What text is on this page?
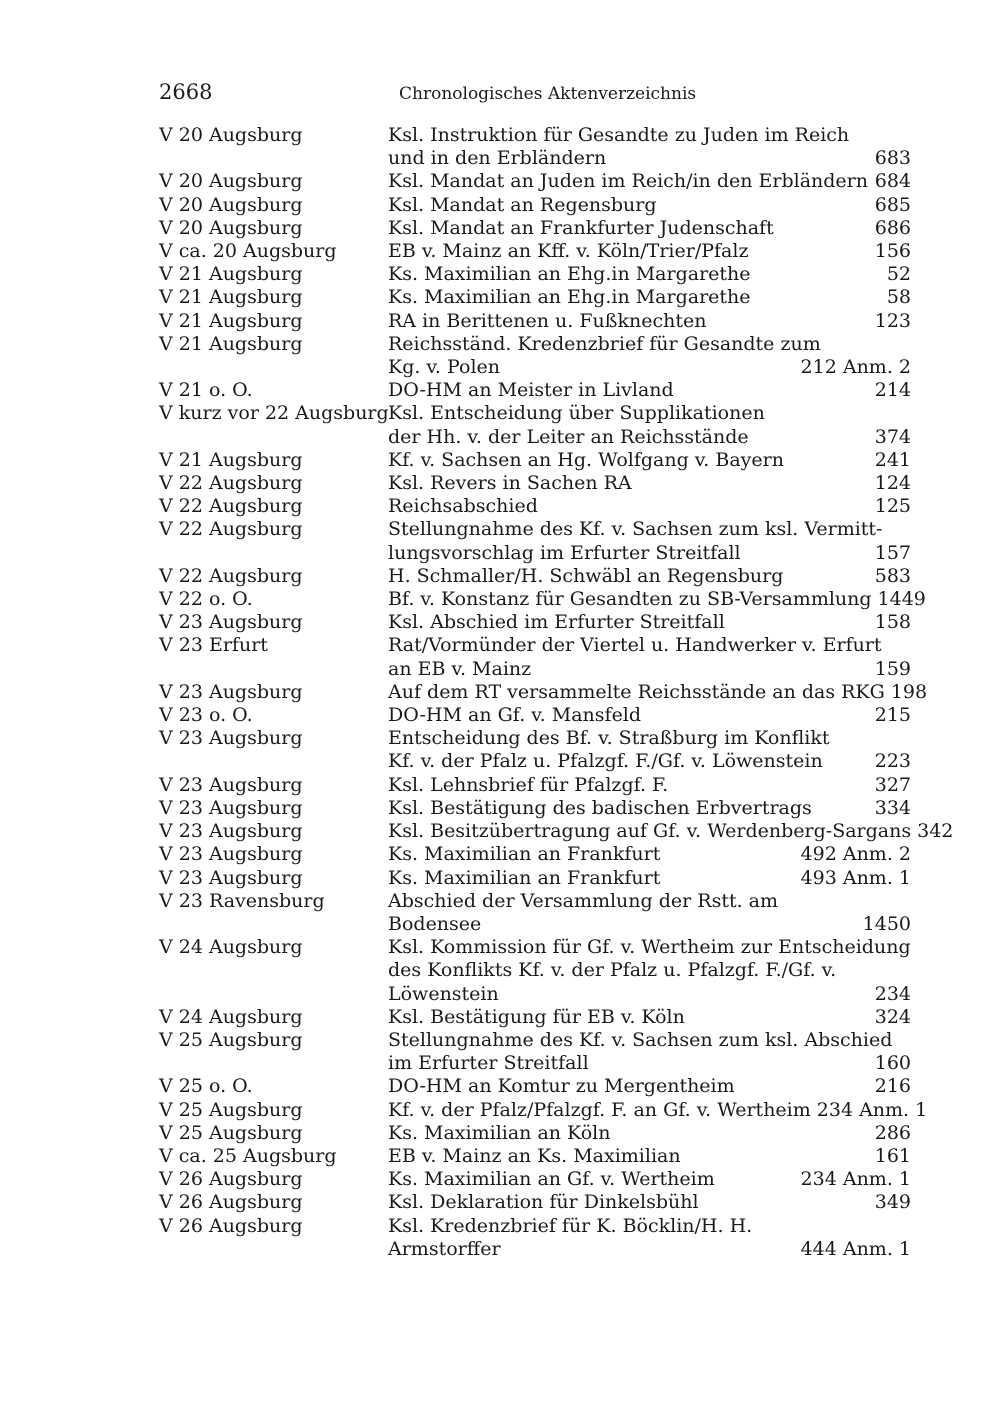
2668	Chronologisches Aktenverzeichnis
V 20 Augsburg	Ksl. Instruktion für Gesandte zu Juden im Reich
und in den Erbländern	683
V 20 Augsburg	Ksl. Mandat an Juden im Reich/in den Erbländern 684
V 20 Augsburg	Ksl. Mandat an Regensburg	685
V 20 Augsburg	Ksl. Mandat an Frankfurter Judenschaft	686
V ca. 20 Augsburg	EB v. Mainz an Kff. v. Köln/Trier/Pfalz	156
V 21 Augsburg	Ks. Maximilian an Ehg.in Margarethe	52
V 21 Augsburg	Ks. Maximilian an Ehg.in Margarethe	58
V 21 Augsburg	RA in Berittenen u. Fußknechten	123
V 21 Augsburg	Reichsständ. Kredenzbrief für Gesandte zum
Kg. v. Polen	212 Anm. 2
V 21 o. O.	DO-HM an Meister in Livland	214
V kurz vor 22 Augsburg Ksl. Entscheidung über Supplikationen
der Hh. v. der Leiter an Reichsstände	374
V 21 Augsburg	Kf. v. Sachsen an Hg. Wolfgang v. Bayern	241
V 22 Augsburg	Ksl. Revers in Sachen RA	124
V 22 Augsburg	Reichsabschied	125
V 22 Augsburg	Stellungnahme des Kf. v. Sachsen zum ksl. Vermitt-
lungsvorschlag im Erfurter Streitfall	157
V 22 Augsburg	H. Schmaller/H. Schwäbl an Regensburg	583
V 22 o. O.	Bf. v. Konstanz für Gesandten zu SB-Versammlung 1449
V 23 Augsburg	Ksl. Abschied im Erfurter Streitfall	158
V 23 Erfurt	Rat/Vormünder der Viertel u. Handwerker v. Erfurt
an EB v. Mainz	159
V 23 Augsburg	Auf dem RT versammelte Reichsstände an das RKG 198
V 23 o. O.	DO-HM an Gf. v. Mansfeld	215
V 23 Augsburg	Entscheidung des Bf. v. Straßburg im Konflikt
Kf. v. der Pfalz u. Pfalzgf. F./Gf. v. Löwenstein	223
V 23 Augsburg	Ksl. Lehnsbrief für Pfalzgf. F.	327
V 23 Augsburg	Ksl. Bestätigung des badischen Erbvertrags	334
V 23 Augsburg	Ksl. Besitzübertragung auf Gf. v. Werdenberg-Sargans 342
V 23 Augsburg	Ks. Maximilian an Frankfurt	492 Anm. 2
V 23 Augsburg	Ks. Maximilian an Frankfurt	493 Anm. 1
V 23 Ravensburg	Abschied der Versammlung der Rstt. am
Bodensee	1450
V 24 Augsburg	Ksl. Kommission für Gf. v. Wertheim zur Entscheidung
des Konflikts Kf. v. der Pfalz u. Pfalzgf. F./Gf. v.
Löwenstein	234
V 24 Augsburg	Ksl. Bestätigung für EB v. Köln	324
V 25 Augsburg	Stellungnahme des Kf. v. Sachsen zum ksl. Abschied
im Erfurter Streitfall	160
V 25 o. O.	DO-HM an Komtur zu Mergentheim	216
V 25 Augsburg	Kf. v. der Pfalz/Pfalzgf. F. an Gf. v. Wertheim 234 Anm. 1
V 25 Augsburg	Ks. Maximilian an Köln	286
V ca. 25 Augsburg	EB v. Mainz an Ks. Maximilian	161
V 26 Augsburg	Ks. Maximilian an Gf. v. Wertheim	234 Anm. 1
V 26 Augsburg	Ksl. Deklaration für Dinkelsbühl	349
V 26 Augsburg	Ksl. Kredenzbrief für K. Böcklin/H. H.
Armstorffer	444 Anm. 1
